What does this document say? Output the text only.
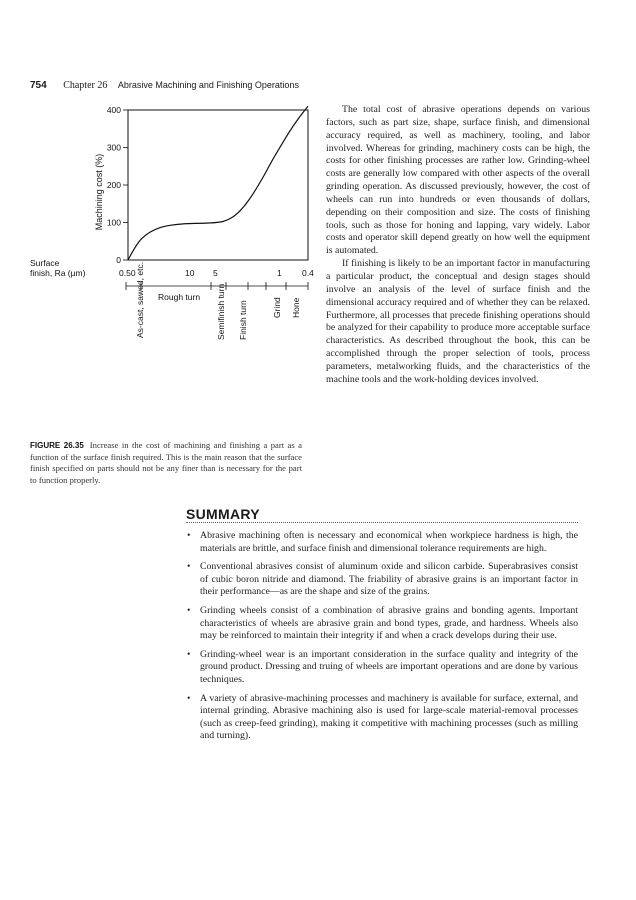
754 Chapter 26 Abrasive Machining and Finishing Operations
Machining cost (%)
0
100
200
300
400
Surface
finish, Ra (µm)	0.50	10 5	1 0.4
As-cast, sawed, etc. Rough turn Semifinish turn Finish turn	Grind Hone
FIGURE 26.35 Increase in the cost of machining and finishing a part as a function of the surface finish required. This is the main reason that the surface finish specified on parts should not be any finer than is necessary for the part to function properly.

The total cost of abrasive operations depends on various factors, such as part size, shape, surface finish, and dimensional accuracy required, as well as machinery, tooling, and labor involved. Whereas for grinding, machinery costs can be high, the costs for other finishing processes are rather low. Grinding-wheel costs are generally low compared with other aspects of the overall grinding operation. As discussed previously, however, the cost of wheels can run into hundreds or even thousands of dollars, depending on their composition and size. The costs of finishing tools, such as those for honing and lapping, vary widely. Labor costs and operator skill depend greatly on how well the equipment is automated.

If finishing is likely to be an important factor in manufacturing a particular product, the conceptual and design stages should involve an analysis of the level of surface finish and the dimensional accuracy required and of whether they can be relaxed. Furthermore, all processes that precede finishing operations should be analyzed for their capability to produce more acceptable surface characteristics. As described throughout the book, this can be accomplished through the proper selection of tools, process parameters, metalworking fluids, and the characteristics of the machine tools and the work-holding devices involved.

SUMMARY
• Abrasive machining often is necessary and economical when workpiece hardness is high, the materials are brittle, and surface finish and dimensional tolerance requirements are high.
• Conventional abrasives consist of aluminum oxide and silicon carbide. Superabrasives consist of cubic boron nitride and diamond. The friability of abrasive grains is an important factor in their performance—as are the shape and size of the grains.
• Grinding wheels consist of a combination of abrasive grains and bonding agents. Important characteristics of wheels are abrasive grain and bond types, grade, and hardness. Wheels also may be reinforced to maintain their integrity if and when a crack develops during their use.
• Grinding-wheel wear is an important consideration in the surface quality and integrity of the ground product. Dressing and truing of wheels are important operations and are done by various techniques.
• A variety of abrasive-machining processes and machinery is available for surface, external, and internal grinding. Abrasive machining also is used for large-scale material-removal processes (such as creep-feed grinding), making it competitive with machining processes (such as milling and turning).
